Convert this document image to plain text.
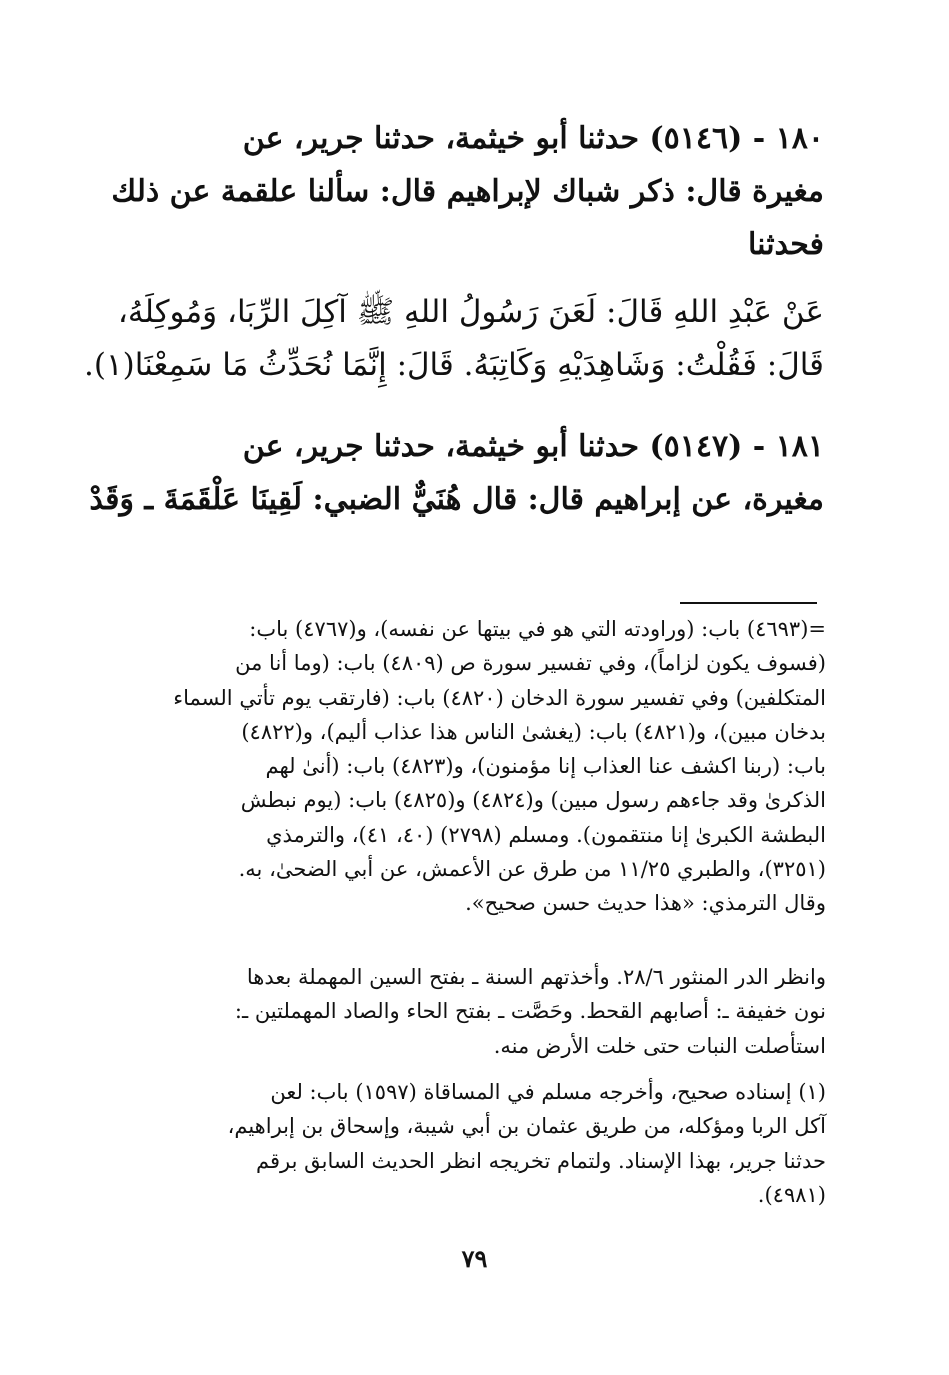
١٨٠ - (٥١٤٦) حدثنا أبو خيثمة، حدثنا جرير، عن
مغيرة قال: ذكر شباك لإبراهيم قال: سألنا علقمة عن ذلك
فحدثنا
عَنْ عَبْدِ اللهِ قَالَ: لَعَنَ رَسُولُ اللهِ ﷺ آكِلَ الرِّبَا، وَمُوكِلَهُ،
قَالَ: فَقُلْتُ: وَشَاهِدَيْهِ وَكَاتِبَهُ. قَالَ: إِنَّمَا نُحَدِّثُ مَا سَمِعْنَا(١).
١٨١ - (٥١٤٧) حدثنا أبو خيثمة، حدثنا جرير، عن
مغيرة، عن إبراهيم قال: قال هُنَيٌّ الضبي: لَقِينَا عَلْقَمَةَ ـ وَقَدْ
=(٤٦٩٣) باب: (وراودته التي هو في بيتها عن نفسه)، و(٤٧٦٧) باب:
(فسوف يكون لزاماً)، وفي تفسير سورة ص (٤٨٠٩) باب: (وما أنا من
المتكلفين) وفي تفسير سورة الدخان (٤٨٢٠) باب: (فارتقب يوم تأتي السماء
بدخان مبين)، و(٤٨٢١) باب: (يغشىٰ الناس هذا عذاب أليم)، و(٤٨٢٢)
باب: (ربنا اكشف عنا العذاب إنا مؤمنون)، و(٤٨٢٣) باب: (أنىٰ لهم
الذكرىٰ وقد جاءهم رسول مبين) و(٤٨٢٤) و(٤٨٢٥) باب: (يوم نبطش
البطشة الكبرىٰ إنا منتقمون). ومسلم (٢٧٩٨) (٤٠، ٤١)، والترمذي
(٣٢٥١)، والطبري ١١/٢٥ من طرق عن الأعمش، عن أبي الضحىٰ، به.
وقال الترمذي: «هذا حديث حسن صحيح».
وانظر الدر المنثور ٢٨/٦. وأخذتهم السنة ـ بفتح السين المهملة بعدها
نون خفيفة ـ: أصابهم القحط. وحَصَّت ـ بفتح الحاء والصاد المهملتين ـ:
استأصلت النبات حتى خلت الأرض منه.
(١) إسناده صحيح، وأخرجه مسلم في المساقاة (١٥٩٧) باب: لعن
آكل الربا ومؤكله، من طريق عثمان بن أبي شيبة، وإسحاق بن إبراهيم،
حدثنا جرير، بهذا الإسناد. ولتمام تخريجه انظر الحديث السابق برقم
(٤٩٨١).
٧٩
